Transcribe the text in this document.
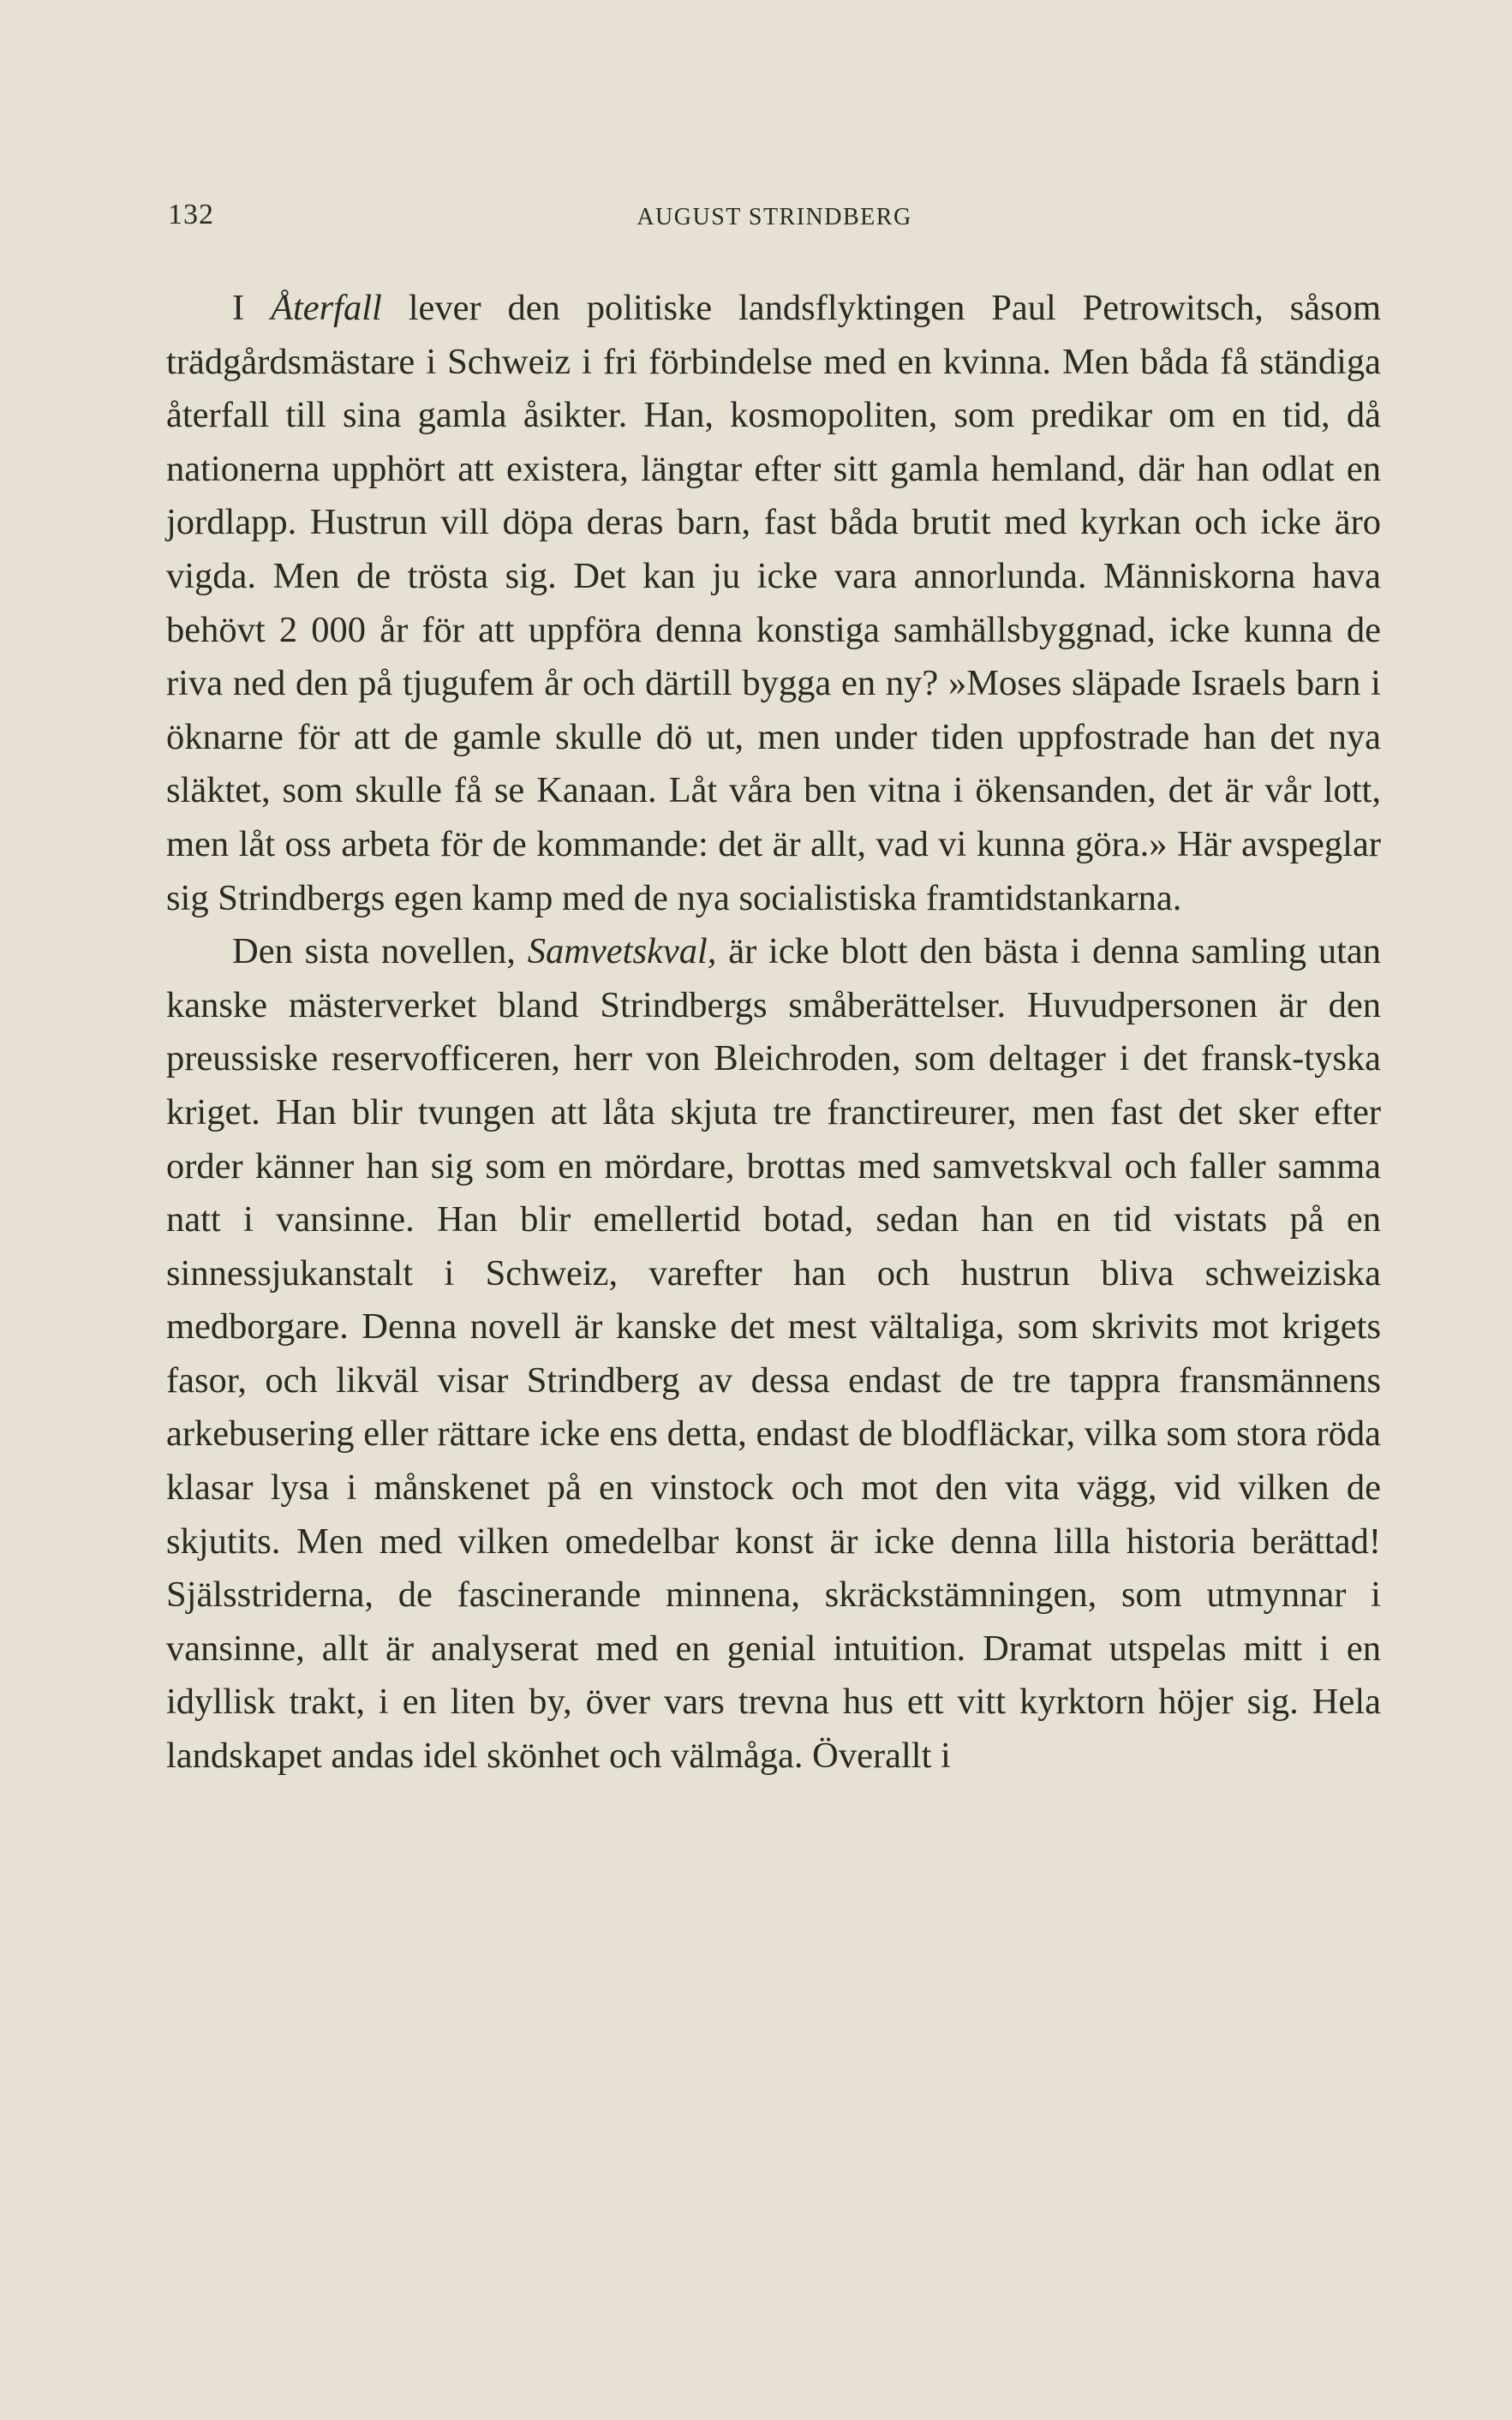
132	AUGUST STRINDBERG

I Återfall lever den politiske landsflyktingen Paul Petrowitsch, såsom trädgårdsmästare i Schweiz i fri förbindelse med en kvinna. Men båda få ständiga återfall till sina gamla åsikter. Han, kosmopoliten, som predikar om en tid, då nationerna upphört att existera, längtar efter sitt gamla hemland, där han odlat en jordlapp. Hustrun vill döpa deras barn, fast båda brutit med kyrkan och icke äro vigda. Men de trösta sig. Det kan ju icke vara annorlunda. Människorna hava behövt 2 000 år för att uppföra denna konstiga samhällsbyggnad, icke kunna de riva ned den på tjugufem år och därtill bygga en ny? »Moses släpade Israels barn i öknarne för att de gamle skulle dö ut, men under tiden uppfostrade han det nya släktet, som skulle få se Kanaan. Låt våra ben vitna i ökensanden, det är vår lott, men låt oss arbeta för de kommande: det är allt, vad vi kunna göra.» Här avspeglar sig Strindbergs egen kamp med de nya socialistiska framtidstankarna.

Den sista novellen, Samvetskval, är icke blott den bästa i denna samling utan kanske mästerverket bland Strindbergs småberättelser. Huvudpersonen är den preussiske reservofficeren, herr von Bleichroden, som deltager i det fransk-tyska kriget. Han blir tvungen att låta skjuta tre franctireurer, men fast det sker efter order känner han sig som en mördare, brottas med samvetskval och faller samma natt i vansinne. Han blir emellertid botad, sedan han en tid vistats på en sinnessjukanstalt i Schweiz, varefter han och hustrun bliva schweiziska medborgare. Denna novell är kanske det mest vältaliga, som skrivits mot krigets fasor, och likväl visar Strindberg av dessa endast de tre tappra fransmännens arkebusering eller rättare icke ens detta, endast de blodfläckar, vilka som stora röda klasar lysa i månskenet på en vinstock och mot den vita vägg, vid vilken de skjutits. Men med vilken omedelbar konst är icke denna lilla historia berättad! Själsstriderna, de fascinerande minnena, skräckstämningen, som utmynnar i vansinne, allt är analyserat med en genial intuition. Dramat utspelas mitt i en idyllisk trakt, i en liten by, över vars trevna hus ett vitt kyrktorn höjer sig. Hela landskapet andas idel skönhet och välmåga. Överallt i
